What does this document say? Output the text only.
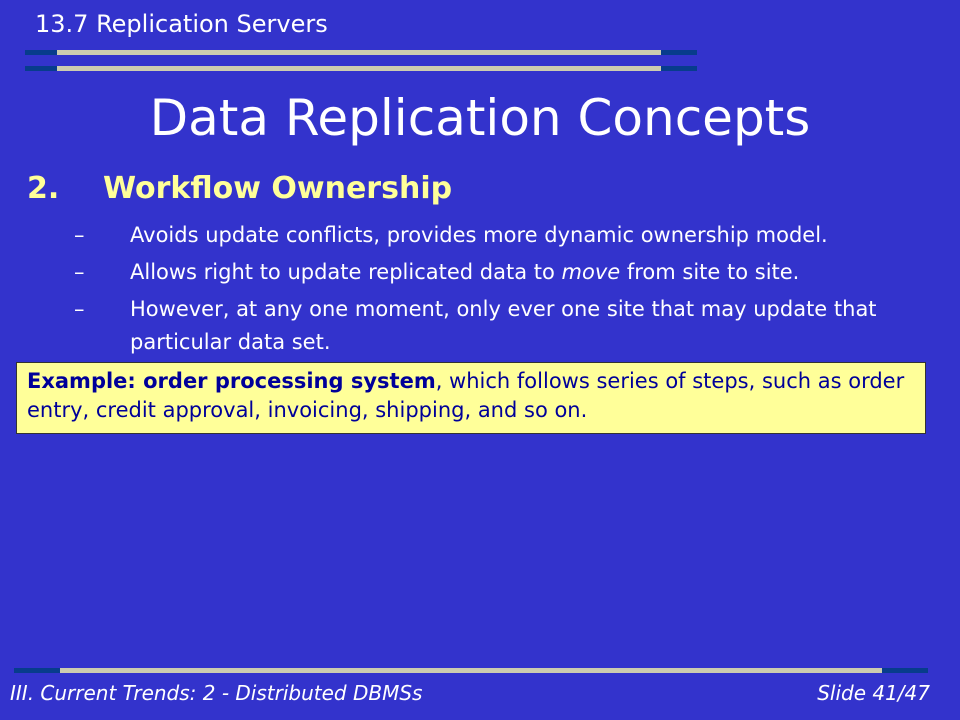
13.7 Replication Servers
Data Replication Concepts
2. Workflow Ownership
– Avoids update conflicts, provides more dynamic ownership model.
– Allows right to update replicated data to move from site to site.
– However, at any one moment, only ever one site that may update that particular data set.
Example: order processing system, which follows series of steps, such as order entry, credit approval, invoicing, shipping, and so on.
III. Current Trends: 2 - Distributed DBMSs	Slide 41/47
